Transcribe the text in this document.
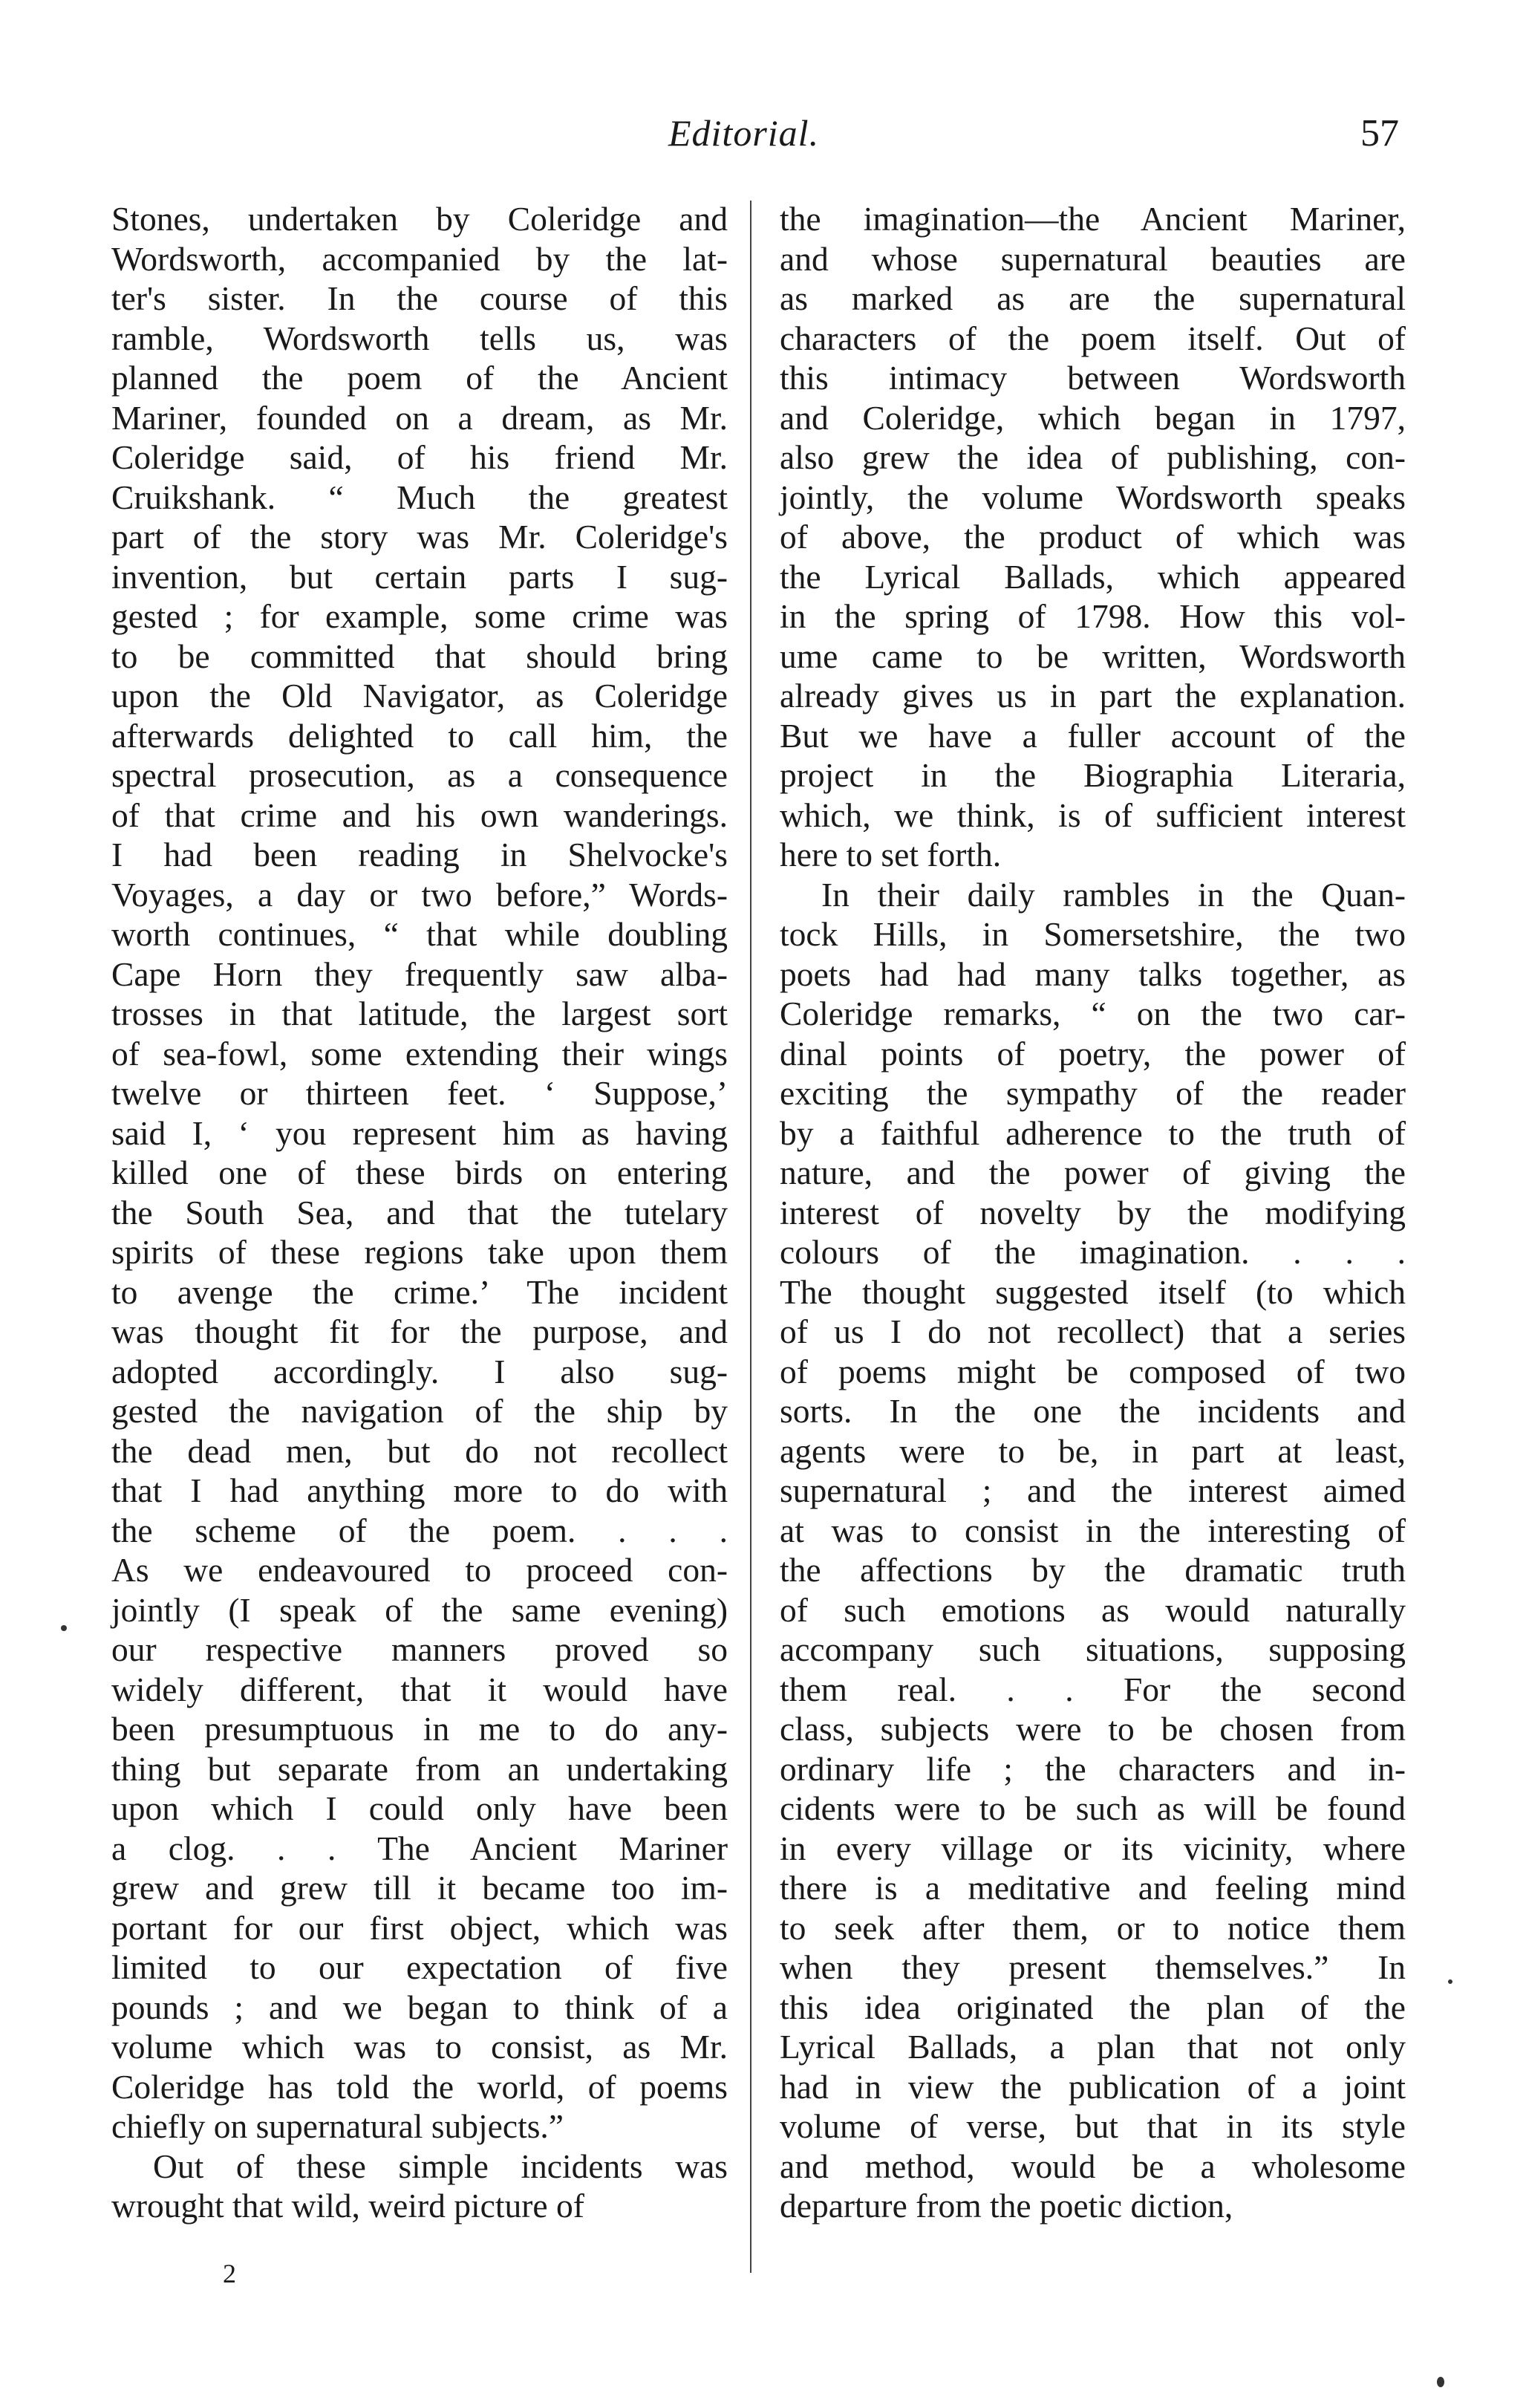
Editorial.	57
Stones, undertaken by Coleridge and
Wordsworth, accompanied by the lat-
ter's sister. In the course of this
ramble, Wordsworth tells us, was
planned the poem of the Ancient
Mariner, founded on a dream, as Mr.
Coleridge said, of his friend Mr.
Cruikshank. “ Much the greatest
part of the story was Mr. Coleridge's
invention, but certain parts I sug-
gested ; for example, some crime was
to be committed that should bring
upon the Old Navigator, as Coleridge
afterwards delighted to call him, the
spectral prosecution, as a consequence
of that crime and his own wanderings.
I had been reading in Shelvocke's
Voyages, a day or two before,” Words-
worth continues, “ that while doubling
Cape Horn they frequently saw alba-
trosses in that latitude, the largest sort
of sea-fowl, some extending their wings
twelve or thirteen feet. ‘ Suppose,’
said I, ‘ you represent him as having
killed one of these birds on entering
the South Sea, and that the tutelary
spirits of these regions take upon them
to avenge the crime.’ The incident
was thought fit for the purpose, and
adopted accordingly. I also sug-
gested the navigation of the ship by
the dead men, but do not recollect
that I had anything more to do with
the scheme of the poem. . . .
As we endeavoured to proceed con-
jointly (I speak of the same evening)
our respective manners proved so
widely different, that it would have
been presumptuous in me to do any-
thing but separate from an undertaking
upon which I could only have been
a clog. . . The Ancient Mariner
grew and grew till it became too im-
portant for our first object, which was
limited to our expectation of five
pounds ; and we began to think of a
volume which was to consist, as Mr.
Coleridge has told the world, of poems
chiefly on supernatural subjects.”
Out of these simple incidents was
wrought that wild, weird picture of
the imagination—the Ancient Mariner,
and whose supernatural beauties are
as marked as are the supernatural
characters of the poem itself. Out of
this intimacy between Wordsworth
and Coleridge, which began in 1797,
also grew the idea of publishing, con-
jointly, the volume Wordsworth speaks
of above, the product of which was
the Lyrical Ballads, which appeared
in the spring of 1798. How this vol-
ume came to be written, Wordsworth
already gives us in part the explanation.
But we have a fuller account of the
project in the Biographia Literaria,
which, we think, is of sufficient interest
here to set forth.
In their daily rambles in the Quan-
tock Hills, in Somersetshire, the two
poets had had many talks together, as
Coleridge remarks, “ on the two car-
dinal points of poetry, the power of
exciting the sympathy of the reader
by a faithful adherence to the truth of
nature, and the power of giving the
interest of novelty by the modifying
colours of the imagination. . . .
The thought suggested itself (to which
of us I do not recollect) that a series
of poems might be composed of two
sorts. In the one the incidents and
agents were to be, in part at least,
supernatural ; and the interest aimed
at was to consist in the interesting of
the affections by the dramatic truth
of such emotions as would naturally
accompany such situations, supposing
them real. . . For the second
class, subjects were to be chosen from
ordinary life ; the characters and in-
cidents were to be such as will be found
in every village or its vicinity, where
there is a meditative and feeling mind
to seek after them, or to notice them
when they present themselves.” In
this idea originated the plan of the
Lyrical Ballads, a plan that not only
had in view the publication of a joint
volume of verse, but that in its style
and method, would be a wholesome
departure from the poetic diction,
2
